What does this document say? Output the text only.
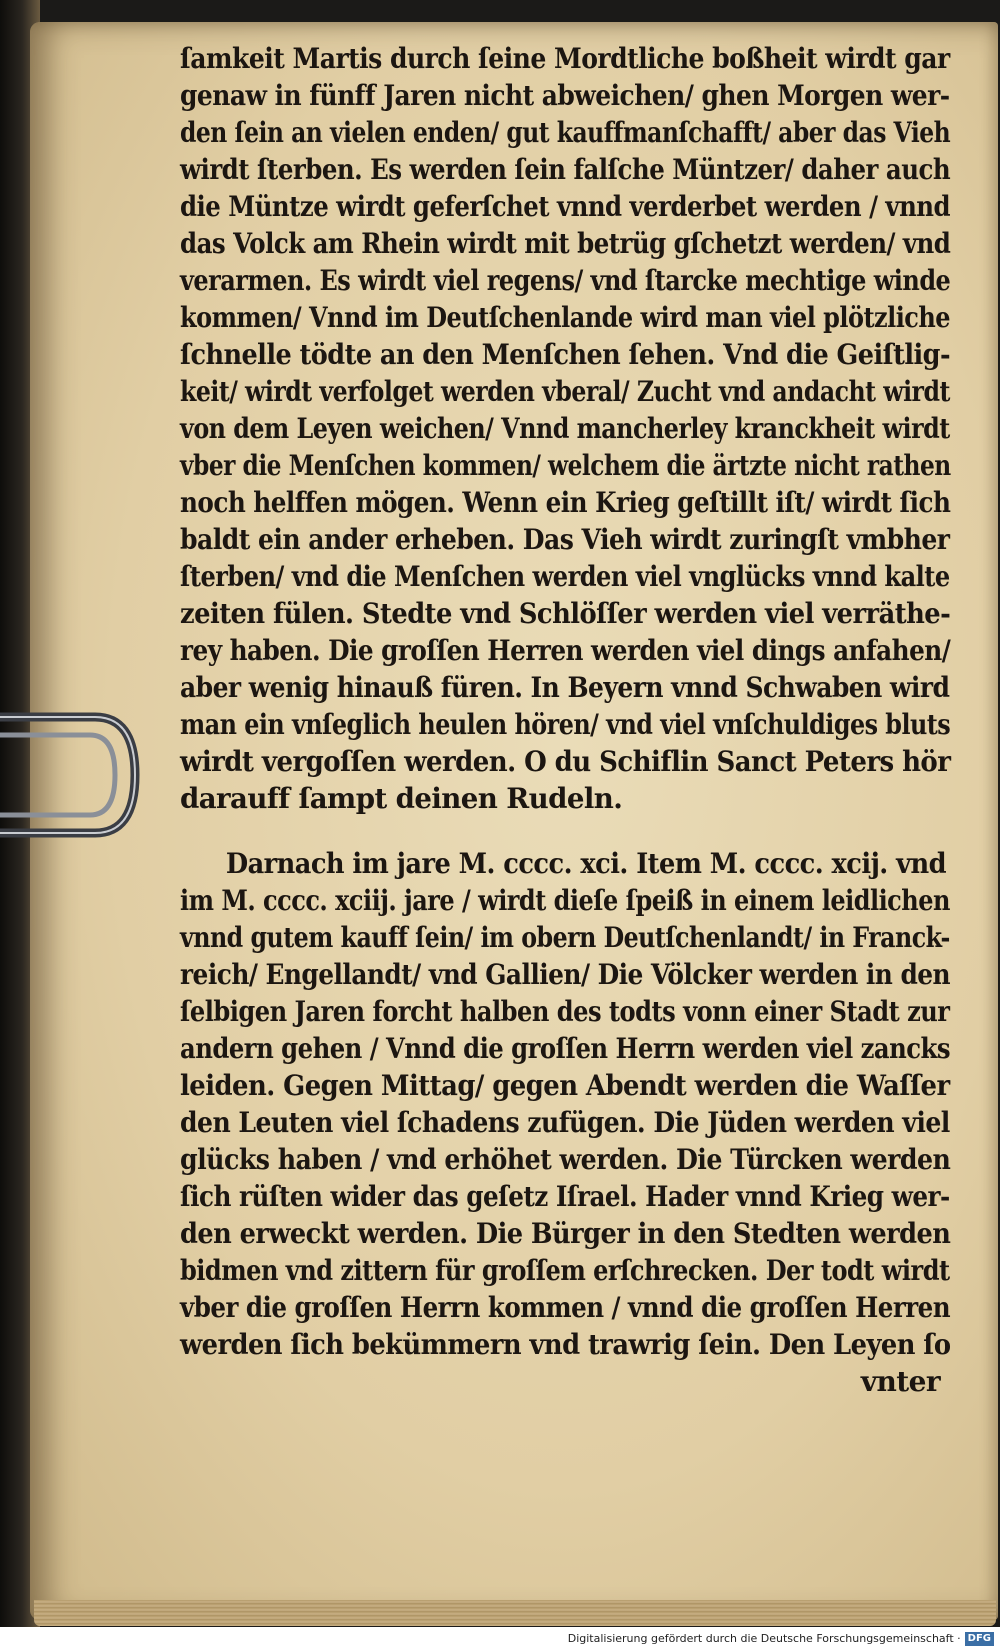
ſamkeit Martis durch ſeine Mordtliche boßheit wirdt gar
genaw in fünff Jaren nicht abweichen/ ghen Morgen wer-
den ſein an vielen enden/ gut kauffmanſchafft/ aber das Vieh
wirdt ſterben. Es werden ſein falſche Müntzer/ daher auch
die Müntze wirdt geferſchet vnnd verderbet werden / vnnd
das Volck am Rhein wirdt mit betrüg gſchetzt werden/ vnd
verarmen. Es wirdt viel regens/ vnd ſtarcke mechtige winde
kommen/ Vnnd im Deutſchenlande wird man viel plötzliche
ſchnelle tödte an den Menſchen ſehen. Vnd die Geiſtlig-
keit/ wirdt verfolget werden vberal/ Zucht vnd andacht wirdt
von dem Leyen weichen/ Vnnd mancherley kranckheit wirdt
vber die Menſchen kommen/ welchem die ärtzte nicht rathen
noch helffen mögen. Wenn ein Krieg geſtillt iſt/ wirdt ſich
baldt ein ander erheben. Das Vieh wirdt zuringſt vmbher
ſterben/ vnd die Menſchen werden viel vnglücks vnnd kalte
zeiten fülen. Stedte vnd Schlöſſer werden viel verräthe-
rey haben. Die groſſen Herren werden viel dings anfahen/
aber wenig hinauß füren. In Beyern vnnd Schwaben wird
man ein vnſeglich heulen hören/ vnd viel vnſchuldiges bluts
wirdt vergoſſen werden. O du Schiflin Sanct Peters hör
darauff ſampt deinen Rudeln.
Darnach im jare M. cccc. xci. Item M. cccc. xcij. vnd
im M. cccc. xciij. jare / wirdt dieſe ſpeiß in einem leidlichen
vnnd gutem kauff ſein/ im obern Deutſchenlandt/ in Franck-
reich/ Engellandt/ vnd Gallien/ Die Völcker werden in den
ſelbigen Jaren forcht halben des todts vonn einer Stadt zur
andern gehen / Vnnd die groſſen Herrn werden viel zancks
leiden. Gegen Mittag/ gegen Abendt werden die Waſſer
den Leuten viel ſchadens zufügen. Die Jüden werden viel
glücks haben / vnd erhöhet werden. Die Türcken werden
ſich rüſten wider das geſetz Iſrael. Hader vnnd Krieg wer-
den erweckt werden. Die Bürger in den Stedten werden
bidmen vnd zittern für groſſem erſchrecken. Der todt wirdt
vber die groſſen Herrn kommen / vnnd die groſſen Herren
werden ſich bekümmern vnd trawrig ſein. Den Leyen ſo
vnter
Digitalisierung gefördert durch die Deutsche Forschungsgemeinschaft · DFG
